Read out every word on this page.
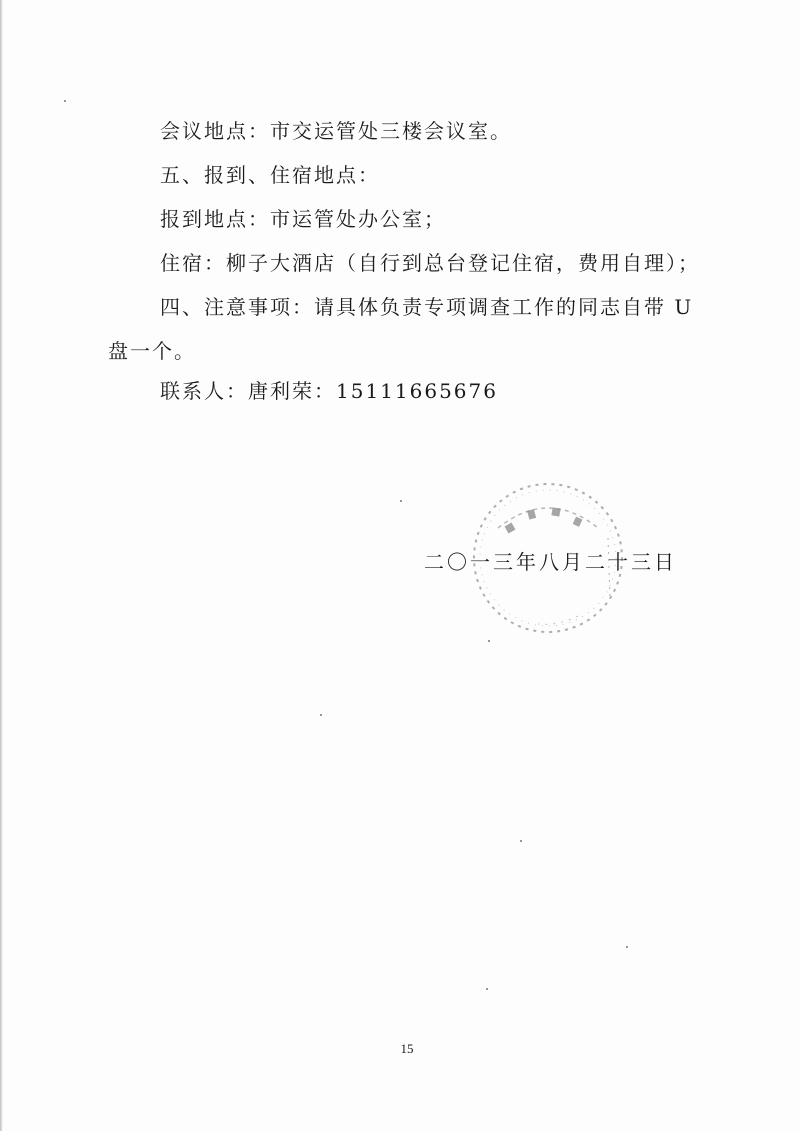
会议地点：市交运管处三楼会议室。
五、报到、住宿地点：
报到地点：市运管处办公室；
住宿：柳子大酒店（自行到总台登记住宿，费用自理）；
四、注意事项：请具体负责专项调查工作的同志自带 U
盘一个。
联系人：唐利荣：15111665676
二〇一三年八月二十三日
15
